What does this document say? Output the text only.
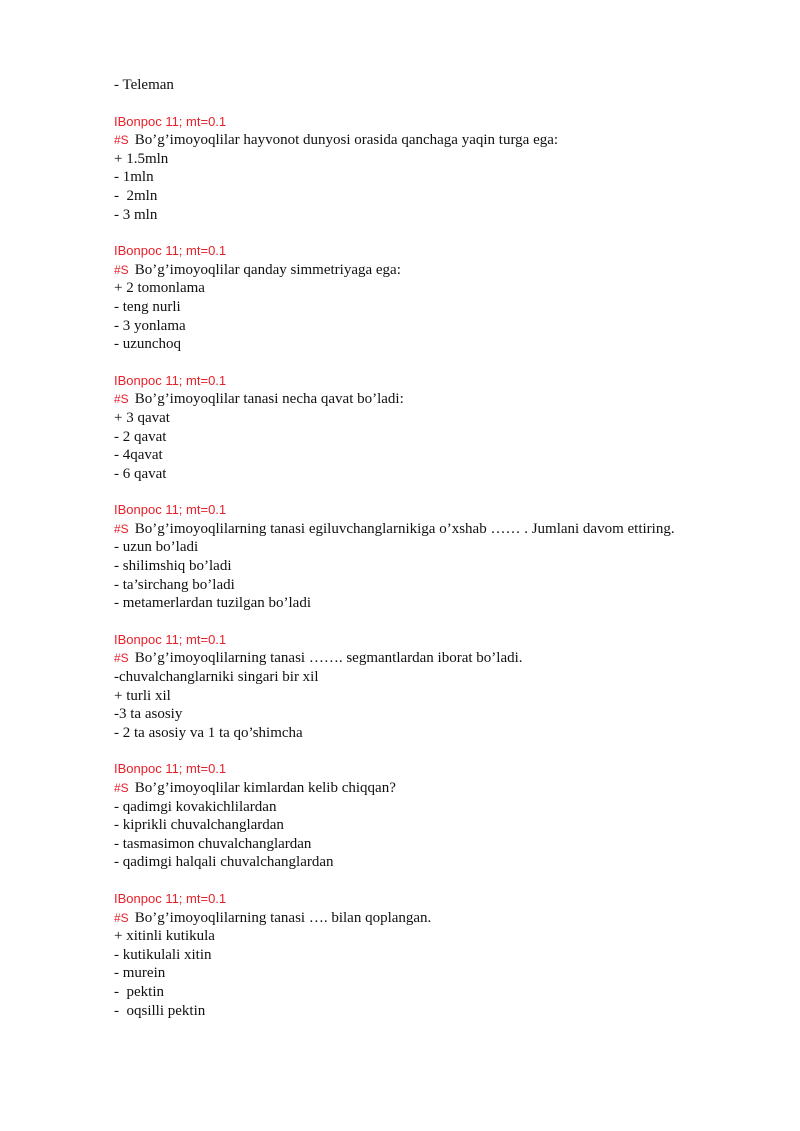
- Teleman
IBonpoc 11; mt=0.1
#S Bo’g’imoyoqlilar hayvonot dunyosi orasida qanchaga yaqin turga ega:
+ 1.5mln
- 1mln
-  2mln
- 3 mln
IBonpoc 11; mt=0.1
#S Bo’g’imoyoqlilar qanday simmetriyaga ega:
+ 2 tomonlama
- teng nurli
- 3 yonlama
- uzunchoq
IBonpoc 11; mt=0.1
#S Bo’g’imoyoqlilar tanasi necha qavat bo’ladi:
+ 3 qavat
- 2 qavat
- 4qavat
- 6 qavat
IBonpoc 11; mt=0.1
#S Bo’g’imoyoqlilarning tanasi egiluvchanglarnikiga o’xshab …… . Jumlani davom ettiring.
- uzun bo’ladi
- shilimshiq bo’ladi
- ta’sirchang bo’ladi
- metamerlardan tuzilgan bo’ladi
IBonpoc 11; mt=0.1
#S Bo’g’imoyoqlilarning tanasi ……. segmantlardan iborat bo’ladi.
-chuvalchanglarniki singari bir xil
+ turli xil
-3 ta asosiy
- 2 ta asosiy va 1 ta qo’shimcha
IBonpoc 11; mt=0.1
#S Bo’g’imoyoqlilar kimlardan kelib chiqqan?
- qadimgi kovakichlilardan
- kiprikli chuvalchanglardan
- tasmasimon chuvalchanglardan
- qadimgi halqali chuvalchanglardan
IBonpoc 11; mt=0.1
#S Bo’g’imoyoqlilarning tanasi …. bilan qoplangan.
+ xitinli kutikula
- kutikulali xitin
- murein
-  pektin
-  oqsilli pektin
